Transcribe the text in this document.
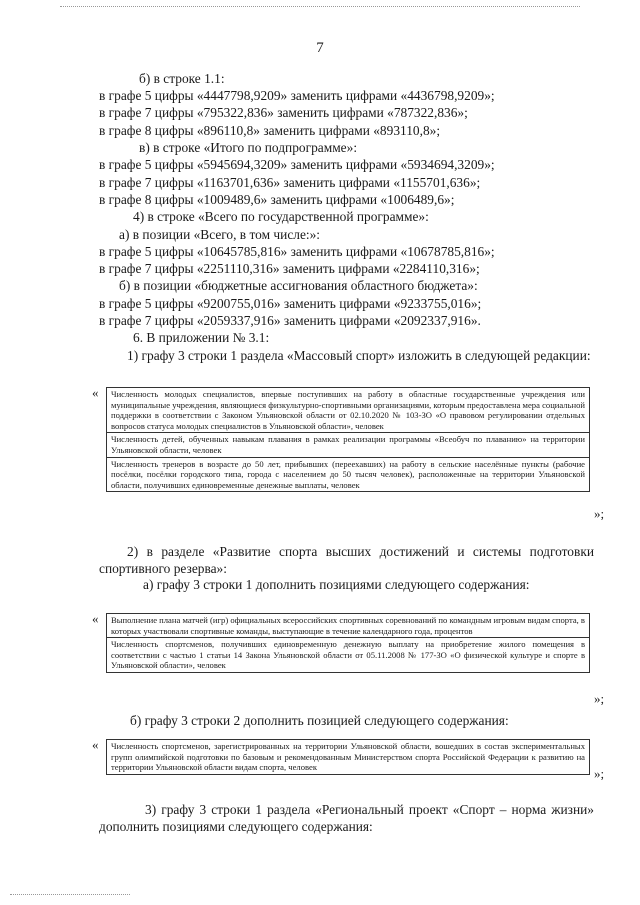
7
б) в строке 1.1:
в графе 5 цифры «4447798,9209» заменить цифрами «4436798,9209»;
в графе 7 цифры «795322,836» заменить цифрами «787322,836»;
в графе 8 цифры «896110,8» заменить цифрами «893110,8»;
в) в строке «Итого по подпрограмме»:
в графе 5 цифры «5945694,3209» заменить цифрами «5934694,3209»;
в графе 7 цифры «1163701,636» заменить цифрами «1155701,636»;
в графе 8 цифры «1009489,6» заменить цифрами «1006489,6»;
4) в строке «Всего по государственной программе»:
а) в позиции «Всего, в том числе:»:
в графе 5 цифры «10645785,816» заменить цифрами «10678785,816»;
в графе 7 цифры «2251110,316» заменить цифрами «2284110,316»;
б) в позиции «бюджетные ассигнования областного бюджета»:
в графе 5 цифры «9200755,016» заменить цифрами «9233755,016»;
в графе 7 цифры «2059337,916» заменить цифрами «2092337,916».
6. В приложении № 3.1:
1) графу 3 строки 1 раздела «Массовый спорт» изложить в следующей редакции:
«	Численность молодых специалистов, впервые поступивших на работу в областные государственные учреждения или муниципальные учреждения, являющиеся физкультурно-спортивными организациями, которым предоставлена мера социальной поддержки в соответствии с Законом Ульяновской области от 02.10.2020 № 103-ЗО «О правовом регулировании отдельных вопросов статуса молодых специалистов в Ульяновской области», человек
Численность детей, обученных навыкам плавания в рамках реализации программы «Всеобуч по плаванию» на территории Ульяновской области, человек
Численность тренеров в возрасте до 50 лет, прибывших (переехавших) на работу в сельские населённые пункты (рабочие посёлки, посёлки городского типа, города с населением до 50 тысяч человек), расположенные на территории Ульяновской области, получивших единовременные денежные выплаты, человек
»;
2) в разделе «Развитие спорта высших достижений и системы подготовки спортивного резерва»:
а) графу 3 строки 1 дополнить позициями следующего содержания:
«	Выполнение плана матчей (игр) официальных всероссийских спортивных соревнований по командным игровым видам спорта, в которых участвовали спортивные команды, выступающие в течение календарного года, процентов
Численность спортсменов, получивших единовременную денежную выплату на приобретение жилого помещения в соответствии с частью 1 статьи 14 Закона Ульяновской области от 05.11.2008 № 177-ЗО «О физической культуре и спорте в Ульяновской области», человек
»;
б) графу 3 строки 2 дополнить позицией следующего содержания:
«	Численность спортсменов, зарегистрированных на территории Ульяновской области, вошедших в состав экспериментальных групп олимпийской подготовки по базовым и рекомендованным Министерством спорта Российской Федерации к развитию на территории Ульяновской области видам спорта, человек	»;
3) графу 3 строки 1 раздела «Региональный проект «Спорт – норма жизни» дополнить позициями следующего содержания:
